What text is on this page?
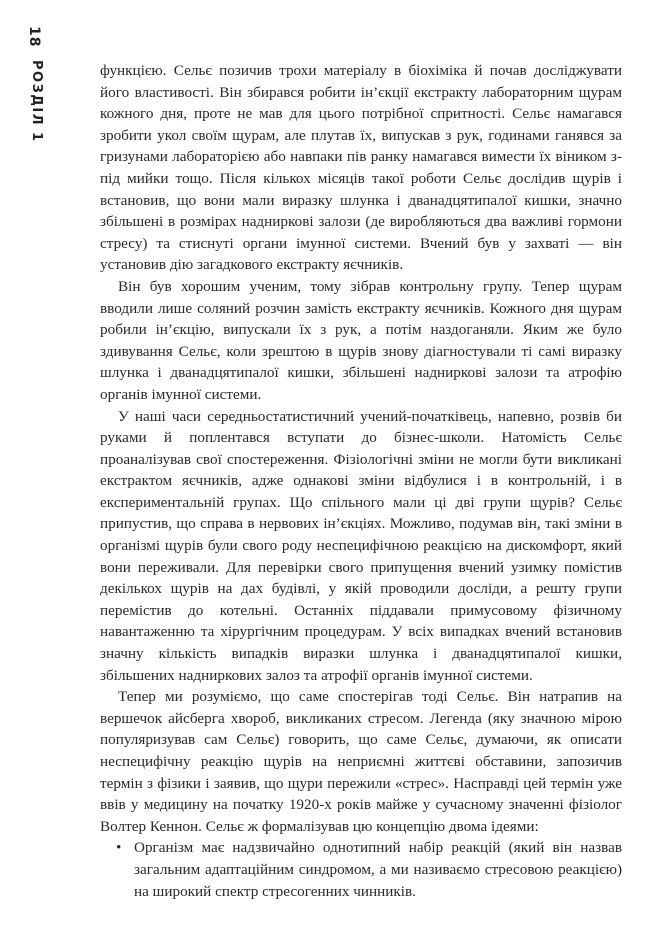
18
РОЗДІЛ 1	функцією. Сельє позичив трохи матеріалу в біохіміка й почав досліджувати його властивості. Він збирався робити ін’єкції екстракту лабораторним щурам кожного дня, проте не мав для цього потрібної спритності. Сельє намагався зробити укол своїм щурам, але плутав їх, випускав з рук, годинами ганявся за гризунами лабораторією або навпаки пів ранку намагався вимести їх віником з-під мийки тощо. Після кількох місяців такої роботи Сельє дослідив щурів і встановив, що вони мали виразку шлунка і дванадцятипалої кишки, значно збільшені в розмірах надниркові залози (де виробляються два важливі гормони стресу) та стиснуті органи імунної системи. Вчений був у захваті — він установив дію загадкового екстракту яєчників.

Він був хорошим ученим, тому зібрав контрольну групу. Тепер щурам вводили лише соляний розчин замість екстракту яєчників. Кожного дня щурам робили ін’єкцію, випускали їх з рук, а потім наздоганяли. Яким же було здивування Сельє, коли зрештою в щурів знову діагностували ті самі виразку шлунка і дванадцятипалої кишки, збільшені надниркові залози та атрофію органів імунної системи.

У наші часи середньостатистичний учений-початківець, напевно, розвів би руками й поплентався вступати до бізнес-школи. Натомість Сельє проаналізував свої спостереження. Фізіологічні зміни не могли бути викликані екстрактом яєчників, адже однакові зміни відбулися і в контрольній, і в експериментальній групах. Що спільного мали ці дві групи щурів? Сельє припустив, що справа в нервових ін’єкціях. Можливо, подумав він, такі зміни в організмі щурів були свого роду неспецифічною реакцією на дискомфорт, який вони переживали. Для перевірки свого припущення вчений узимку помістив декількох щурів на дах будівлі, у якій проводили досліди, а решту групи перемістив до котельні. Останніх піддавали примусовому фізичному навантаженню та хірургічним процедурам. У всіх випадках вчений встановив значну кількість випадків виразки шлунка і дванадцятипалої кишки, збільшених надниркових залоз та атрофії органів імунної системи.

Тепер ми розуміємо, що саме спостерігав тоді Сельє. Він натрапив на вершечок айсберга хвороб, викликаних стресом. Легенда (яку значною мірою популяризував сам Сельє) говорить, що саме Сельє, думаючи, як описати неспецифічну реакцію щурів на неприємні життєві обставини, запозичив термін з фізики і заявив, що щури пережили «стрес». Насправді цей термін уже ввів у медицину на початку 1920-х років майже у сучасному значенні фізіолог Волтер Кеннон. Сельє ж формалізував цю концепцію двома ідеями:

• Організм має надзвичайно однотипний набір реакцій (який він назвав загальним адаптаційним синдромом, а ми називаємо стресовою реакцією) на широкий спектр стресогенних чинників.
